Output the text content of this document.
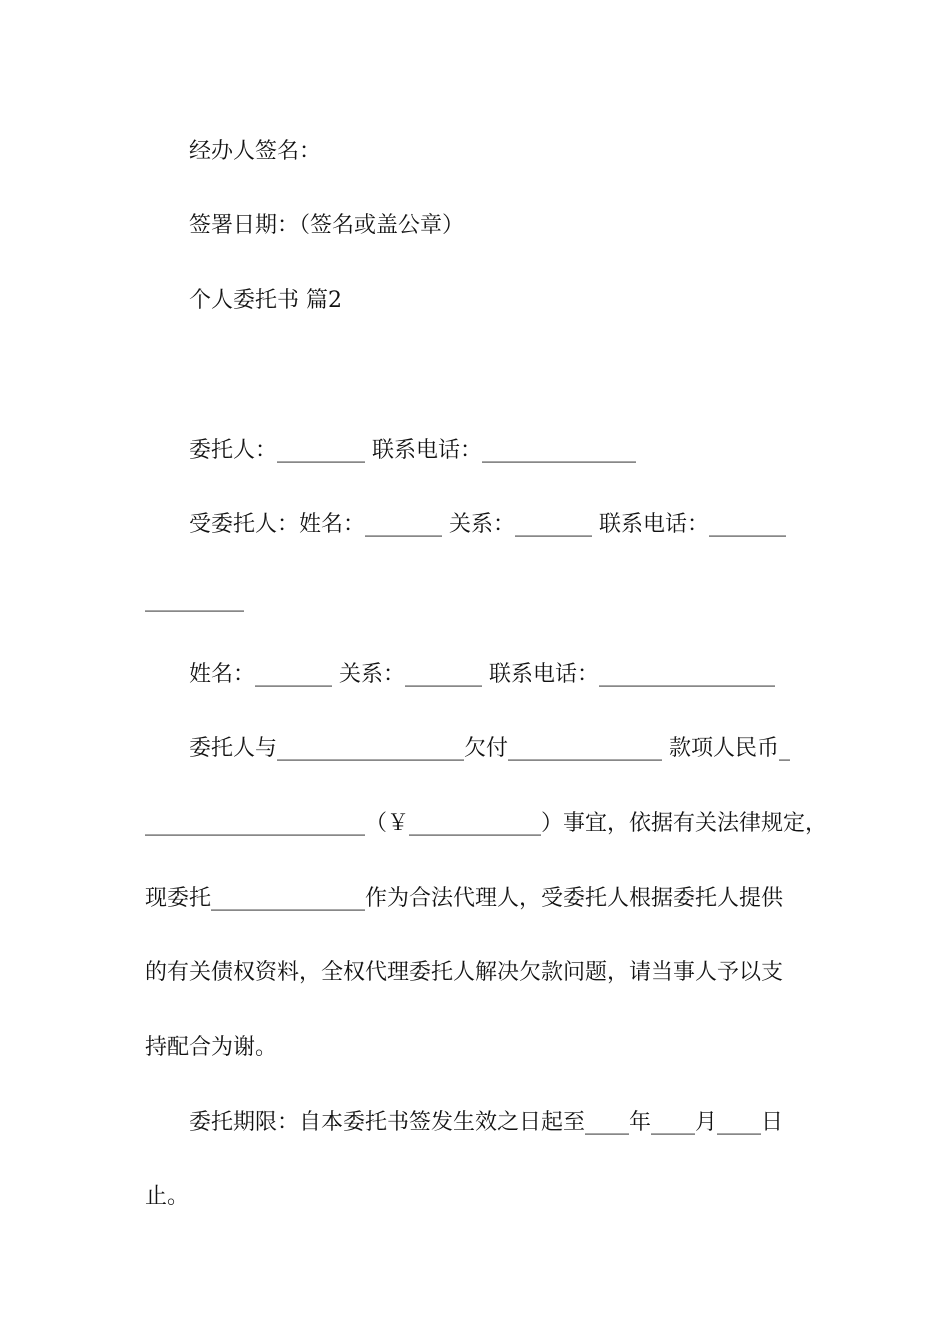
经办人签名：
签署日期：（签名或盖公章）
个人委托书 篇2
委托人：________ 联系电话：______________
受委托人：姓名：_______ 关系：_______ 联系电话：_______
_________
姓名：_______ 关系：_______ 联系电话：________________
委托人与_________________欠付______________ 款项人民币_
____________________（￥____________）事宜，依据有关法律规定，
现委托______________作为合法代理人，受委托人根据委托人提供
的有关债权资料，全权代理委托人解决欠款问题，请当事人予以支
持配合为谢。
委托期限：自本委托书签发生效之日起至____年____月____日
止。
